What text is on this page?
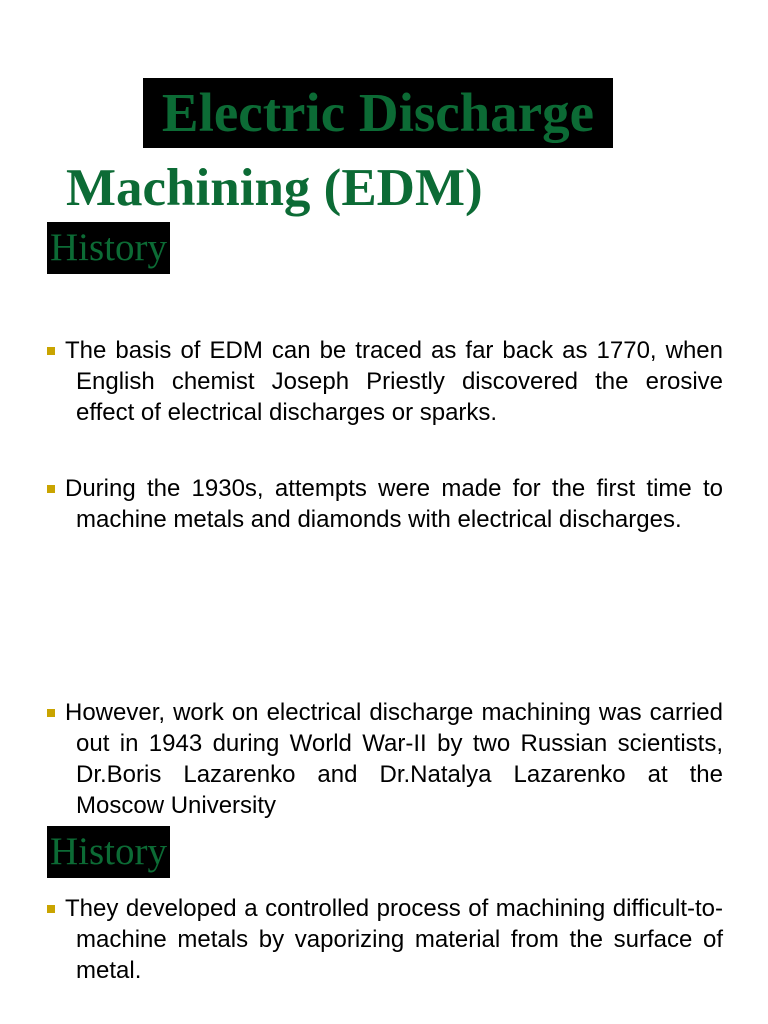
Electric Discharge
Machining (EDM)
History
The basis of EDM can be traced as far back as 1770, when English chemist Joseph Priestly discovered the erosive effect of electrical discharges or sparks.
During the 1930s, attempts were made for the first time to machine metals and diamonds with electrical discharges.
However, work on electrical discharge machining was carried out in 1943 during World War-II by two Russian scientists, Dr.Boris Lazarenko and Dr.Natalya Lazarenko at the Moscow University
History
They developed a controlled process of machining difficult-to-machine metals by vaporizing material from the surface of metal.
